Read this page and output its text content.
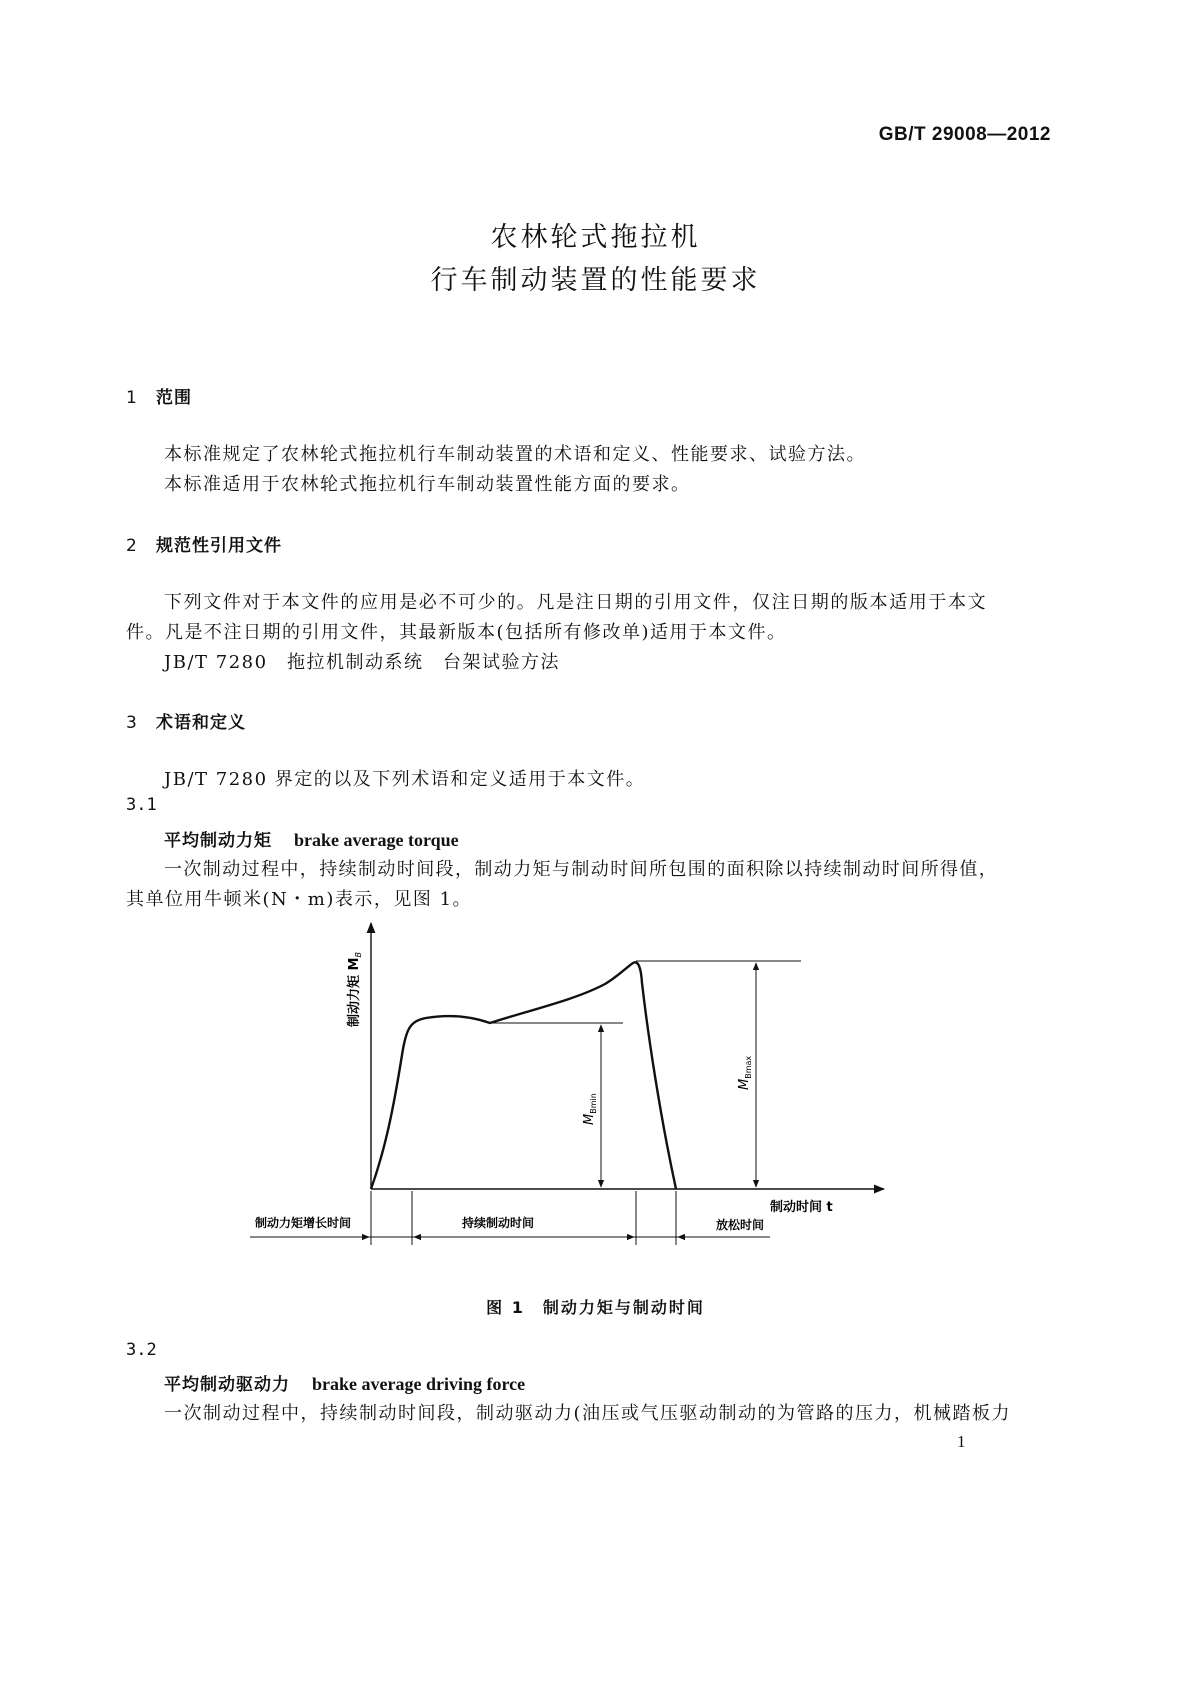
GB/T 29008—2012
农林轮式拖拉机
行车制动装置的性能要求
1 范围
本标准规定了农林轮式拖拉机行车制动装置的术语和定义、性能要求、试验方法。
本标准适用于农林轮式拖拉机行车制动装置性能方面的要求。
2 规范性引用文件
下列文件对于本文件的应用是必不可少的。凡是注日期的引用文件，仅注日期的版本适用于本文
件。凡是不注日期的引用文件，其最新版本(包括所有修改单)适用于本文件。
JB/T 7280　拖拉机制动系统　台架试验方法
3 术语和定义
JB/T 7280 界定的以及下列术语和定义适用于本文件。
3.1
平均制动力矩 brake average torque
一次制动过程中，持续制动时间段，制动力矩与制动时间所包围的面积除以持续制动时间所得值，
其单位用牛顿米(N・m)表示，见图 1。
制动力矩 $M_B$
$M_{Bmin}$
$M_{Bmax}$
制动时间 t
制动力矩增长时间	持续制动时间	放松时间
图 1　制动力矩与制动时间
3.2
平均制动驱动力 brake average driving force
一次制动过程中，持续制动时间段，制动驱动力(油压或气压驱动制动的为管路的压力，机械踏板力
1
